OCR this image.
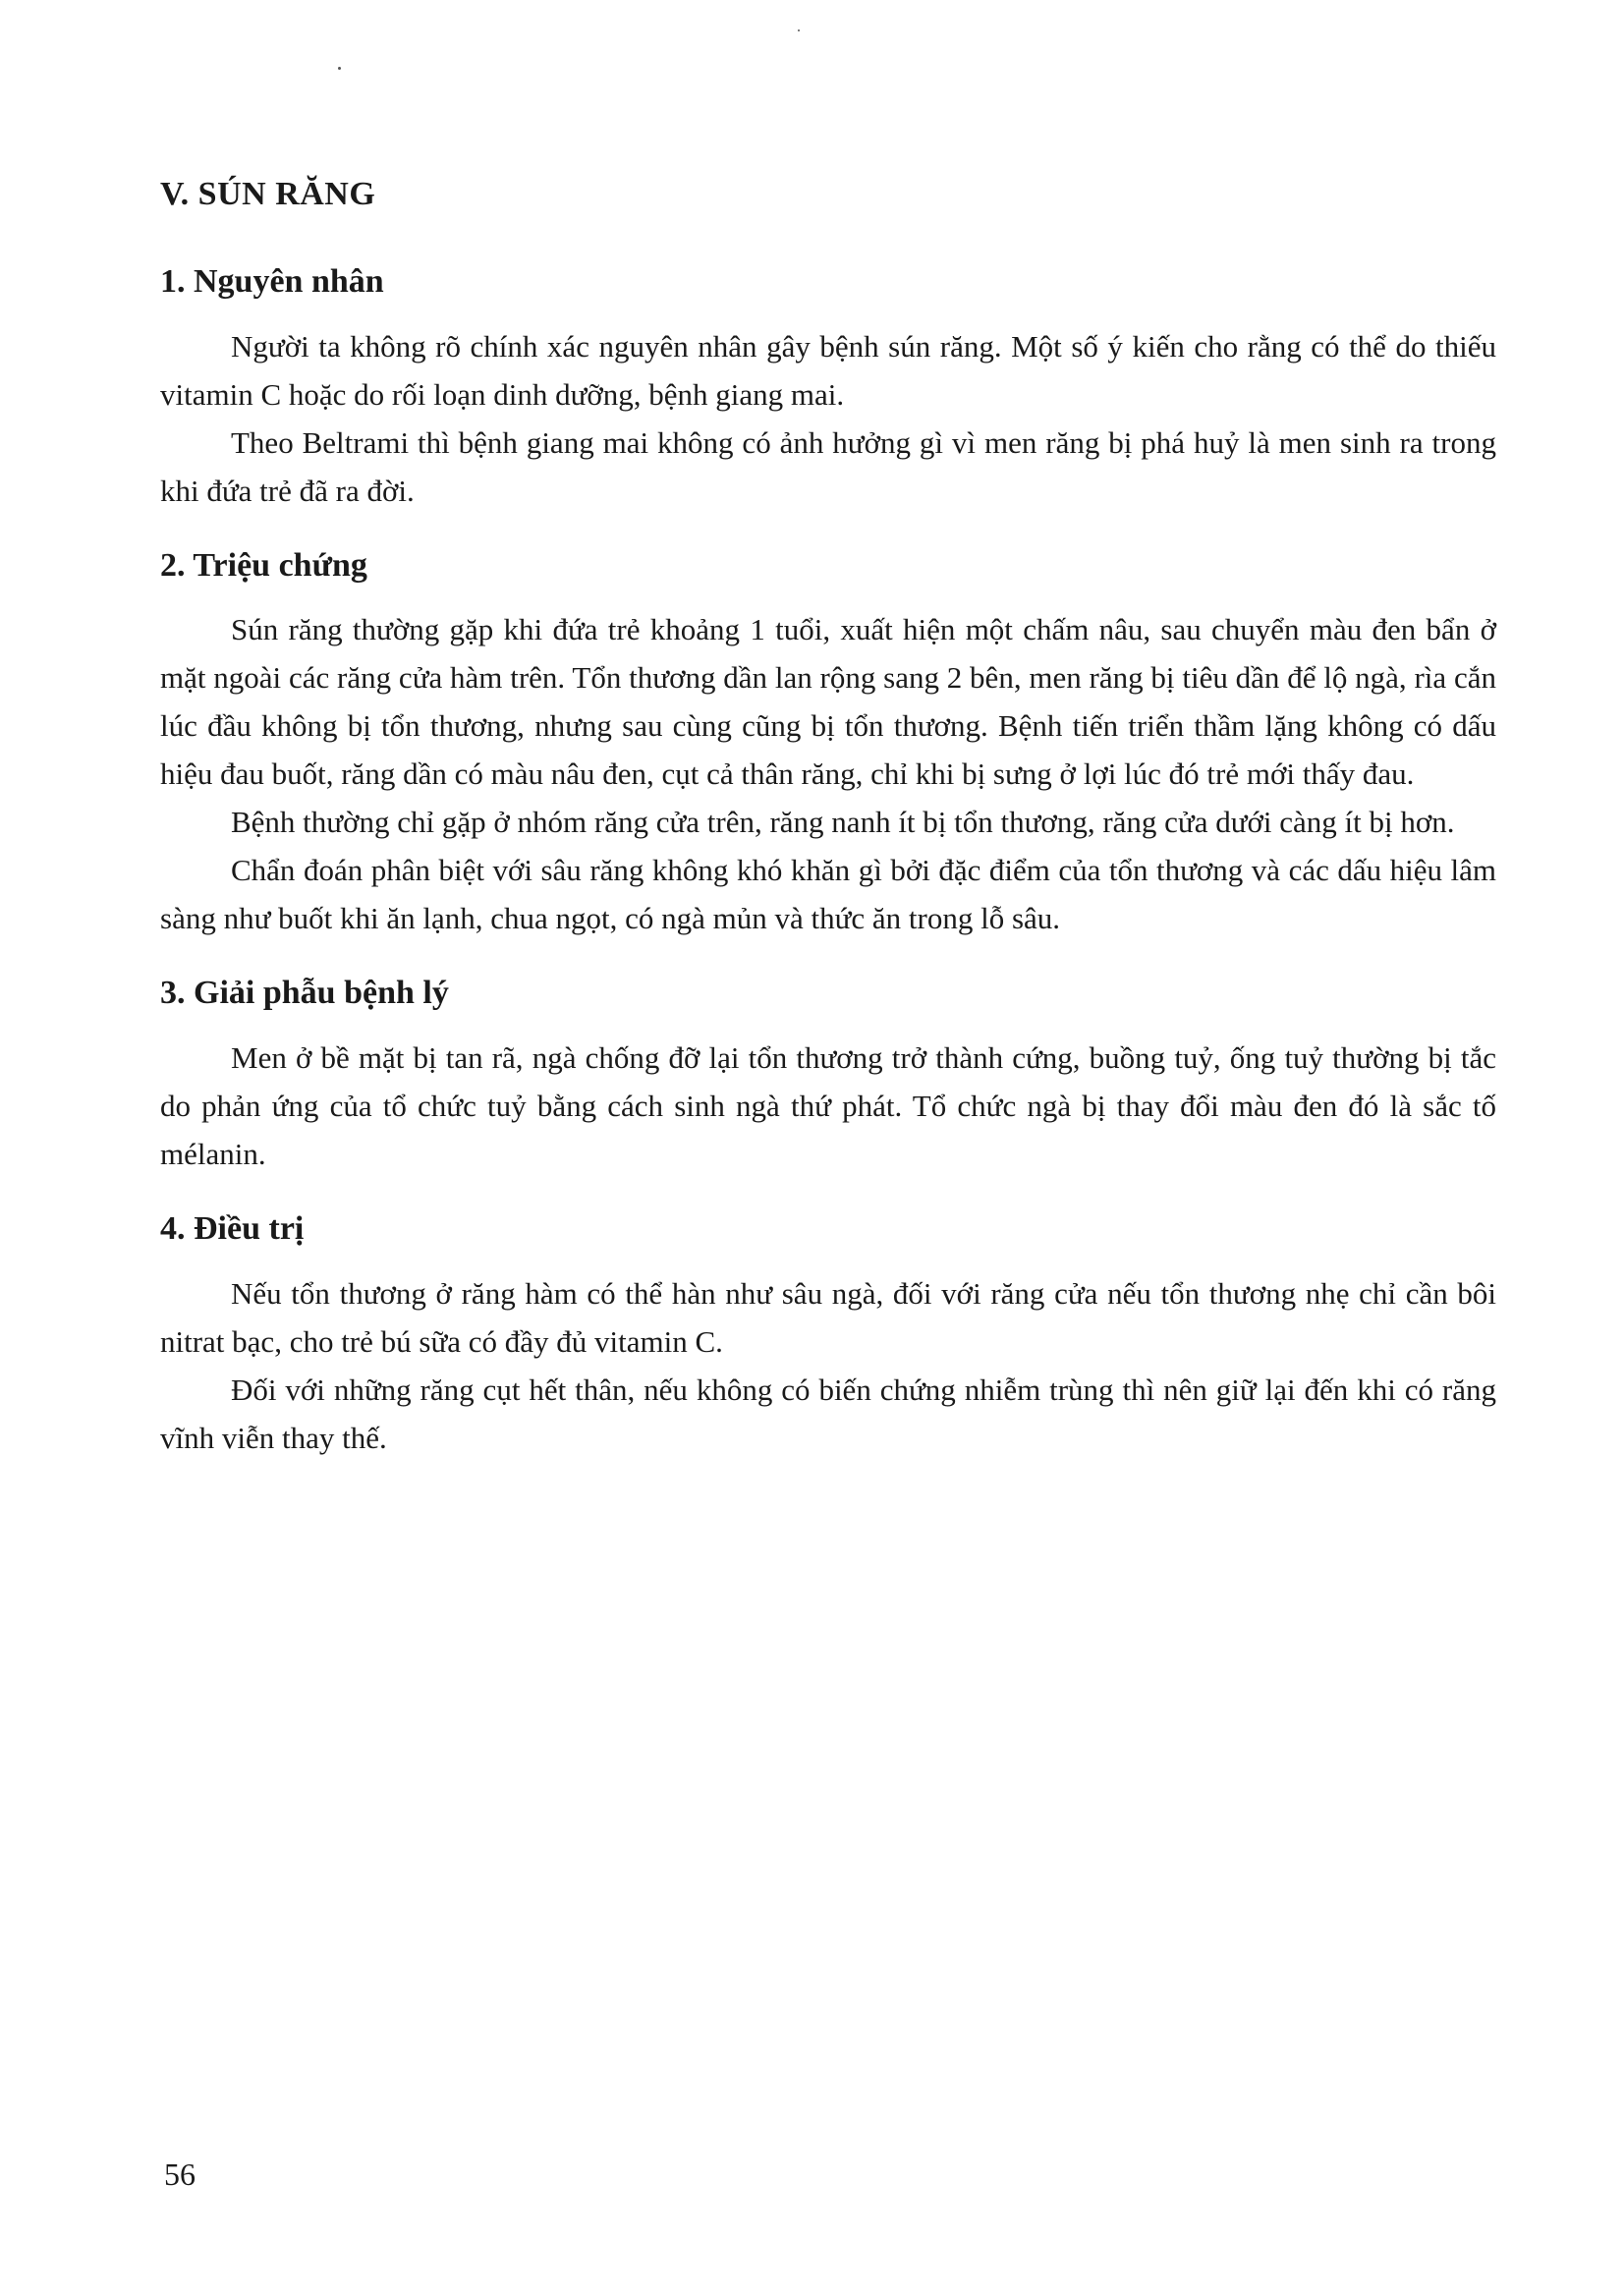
V. SÚN RĂNG
1. Nguyên nhân

Người ta không rõ chính xác nguyên nhân gây bệnh sún răng. Một số ý kiến cho rằng có thể do thiếu vitamin C hoặc do rối loạn dinh dưỡng, bệnh giang mai.

Theo Beltrami thì bệnh giang mai không có ảnh hưởng gì vì men răng bị phá huỷ là men sinh ra trong khi đứa trẻ đã ra đời.

2. Triệu chứng

Sún răng thường gặp khi đứa trẻ khoảng 1 tuổi, xuất hiện một chấm nâu, sau chuyển màu đen bẩn ở mặt ngoài các răng cửa hàm trên. Tổn thương dần lan rộng sang 2 bên, men răng bị tiêu dần để lộ ngà, rìa cắn lúc đầu không bị tổn thương, nhưng sau cùng cũng bị tổn thương. Bệnh tiến triển thầm lặng không có dấu hiệu đau buốt, răng dần có màu nâu đen, cụt cả thân răng, chỉ khi bị sưng ở lợi lúc đó trẻ mới thấy đau.

Bệnh thường chỉ gặp ở nhóm răng cửa trên, răng nanh ít bị tổn thương, răng cửa dưới càng ít bị hơn.

Chẩn đoán phân biệt với sâu răng không khó khăn gì bởi đặc điểm của tổn thương và các dấu hiệu lâm sàng như buốt khi ăn lạnh, chua ngọt, có ngà mủn và thức ăn trong lỗ sâu.

3. Giải phẫu bệnh lý

Men ở bề mặt bị tan rã, ngà chống đỡ lại tổn thương trở thành cứng, buồng tuỷ, ống tuỷ thường bị tắc do phản ứng của tổ chức tuỷ bằng cách sinh ngà thứ phát. Tổ chức ngà bị thay đổi màu đen đó là sắc tố mélanin.

4. Điều trị

Nếu tổn thương ở răng hàm có thể hàn như sâu ngà, đối với răng cửa nếu tổn thương nhẹ chỉ cần bôi nitrat bạc, cho trẻ bú sữa có đầy đủ vitamin C.

Đối với những răng cụt hết thân, nếu không có biến chứng nhiễm trùng thì nên giữ lại đến khi có răng vĩnh viễn thay thế.

56
